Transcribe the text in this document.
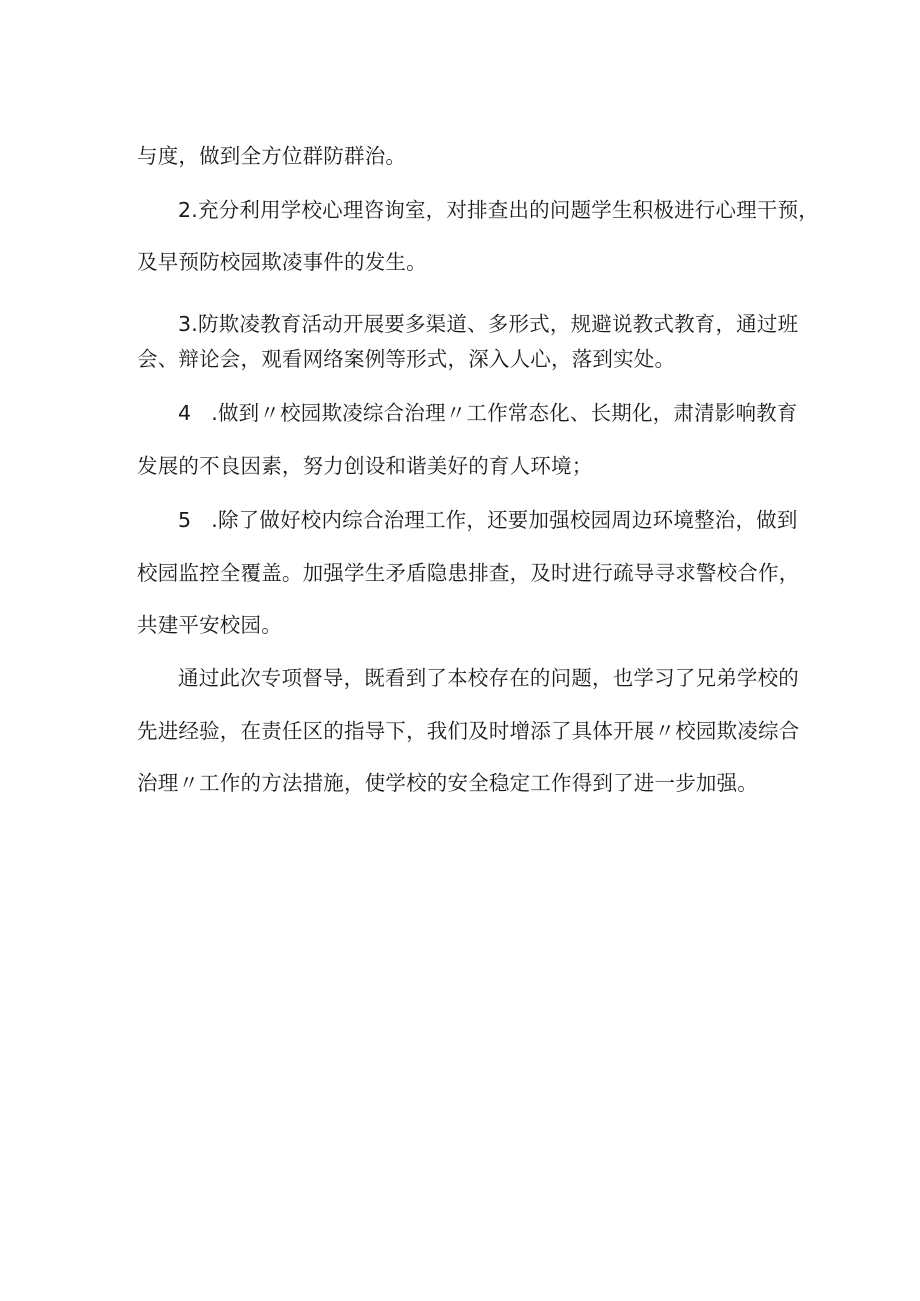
与度，做到全方位群防群治。
2.充分利用学校心理咨询室，对排查出的问题学生积极进行心理干预，
及早预防校园欺凌事件的发生。
3.防欺凌教育活动开展要多渠道、多形式，规避说教式教育，通过班
会、辩论会，观看网络案例等形式，深入人心，落到实处。
4 .做到〃校园欺凌综合治理〃工作常态化、长期化，肃清影响教育
发展的不良因素，努力创设和谐美好的育人环境；
5 .除了做好校内综合治理工作，还要加强校园周边环境整治，做到
校园监控全覆盖。加强学生矛盾隐患排查，及时进行疏导寻求警校合作，
共建平安校园。
通过此次专项督导，既看到了本校存在的问题，也学习了兄弟学校的
先进经验，在责任区的指导下，我们及时增添了具体开展〃校园欺凌综合
治理〃工作的方法措施，使学校的安全稳定工作得到了进一步加强。
